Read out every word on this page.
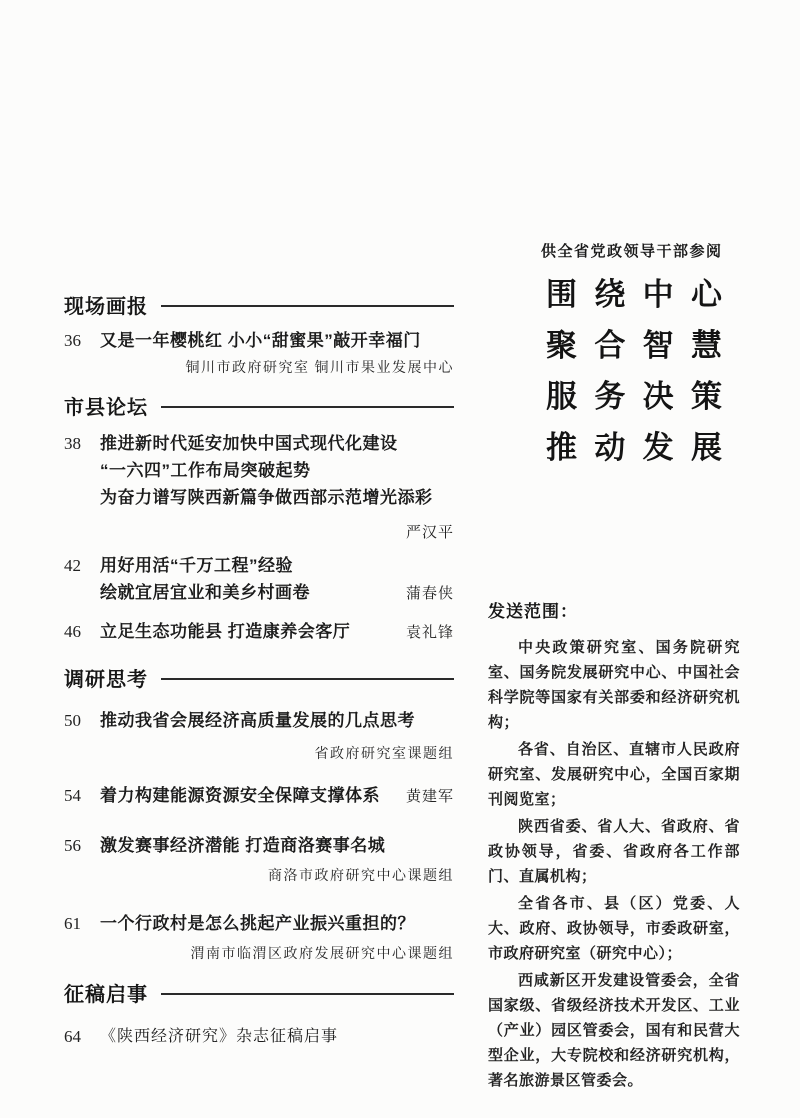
现场画报
36	又是一年樱桃红 小小“甜蜜果”敲开幸福门
铜川市政府研究室 铜川市果业发展中心
市县论坛
38	推进新时代延安加快中国式现代化建设
“一六四”工作布局突破起势
为奋力谱写陕西新篇争做西部示范增光添彩
严汉平
42	用好用活“千万工程”经验
绘就宜居宜业和美乡村画卷	蒲春侠
46	立足生态功能县 打造康养会客厅	袁礼锋
调研思考
50	推动我省会展经济高质量发展的几点思考
省政府研究室课题组
54	着力构建能源资源安全保障支撑体系 黄建军
56	激发赛事经济潜能 打造商洛赛事名城
商洛市政府研究中心课题组
61	一个行政村是怎么挑起产业振兴重担的？
渭南市临渭区政府发展研究中心课题组
征稿启事
64	《陕西经济研究》杂志征稿启事
供全省党政领导干部参阅
围 绕 中 心
聚 合 智 慧
服 务 决 策
推 动 发 展
发送范围：

中央政策研究室、国务院研究室、国务院发展研究中心、中国社会科学院等国家有关部委和经济研究机构；

各省、自治区、直辖市人民政府研究室、发展研究中心，全国百家期刊阅览室；

陕西省委、省人大、省政府、省政协领导，省委、省政府各工作部门、直属机构；

全省各市、县（区）党委、人大、政府、政协领导，市委政研室，市政府研究室（研究中心）；

西咸新区开发建设管委会，全省国家级、省级经济技术开发区、工业（产业）园区管委会，国有和民营大型企业，大专院校和经济研究机构，著名旅游景区管委会。
